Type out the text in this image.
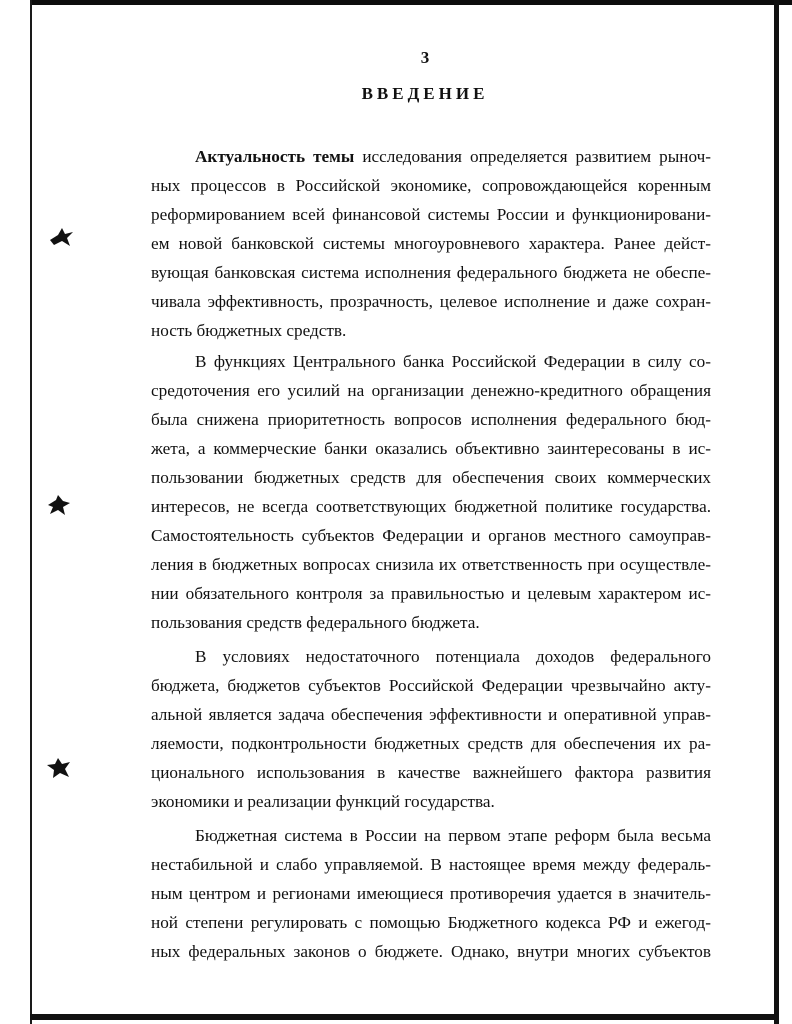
3
ВВЕДЕНИЕ
Актуальность темы исследования определяется развитием рыноч-
ных процессов в Российской экономике, сопровождающейся коренным
реформированием всей финансовой системы России и функционировани-
ем новой банковской системы многоуровневого характера. Ранее дейст-
вующая банковская система исполнения федерального бюджета не обеспе-
чивала эффективность, прозрачность, целевое исполнение и даже сохран-
ность бюджетных средств.
В функциях Центрального банка Российской Федерации в силу со-
средоточения его усилий на организации денежно-кредитного обращения
была снижена приоритетность вопросов исполнения федерального бюд-
жета, а коммерческие банки оказались объективно заинтересованы в ис-
пользовании бюджетных средств для обеспечения своих коммерческих
интересов, не всегда соответствующих бюджетной политике государства.
Самостоятельность субъектов Федерации и органов местного самоуправ-
ления в бюджетных вопросах снизила их ответственность при осуществле-
нии обязательного контроля за правильностью и целевым характером ис-
пользования средств федерального бюджета.
В условиях недостаточного потенциала доходов федерального
бюджета, бюджетов субъектов Российской Федерации чрезвычайно акту-
альной является задача обеспечения эффективности и оперативной управ-
ляемости, подконтрольности бюджетных средств для обеспечения их ра-
ционального использования в качестве важнейшего фактора развития
экономики и реализации функций государства.
Бюджетная система в России на первом этапе реформ была весьма
нестабильной и слабо управляемой. В настоящее время между федераль-
ным центром и регионами имеющиеся противоречия удается в значитель-
ной степени регулировать с помощью Бюджетного кодекса РФ и ежегод-
ных федеральных законов о бюджете. Однако, внутри многих субъектов
